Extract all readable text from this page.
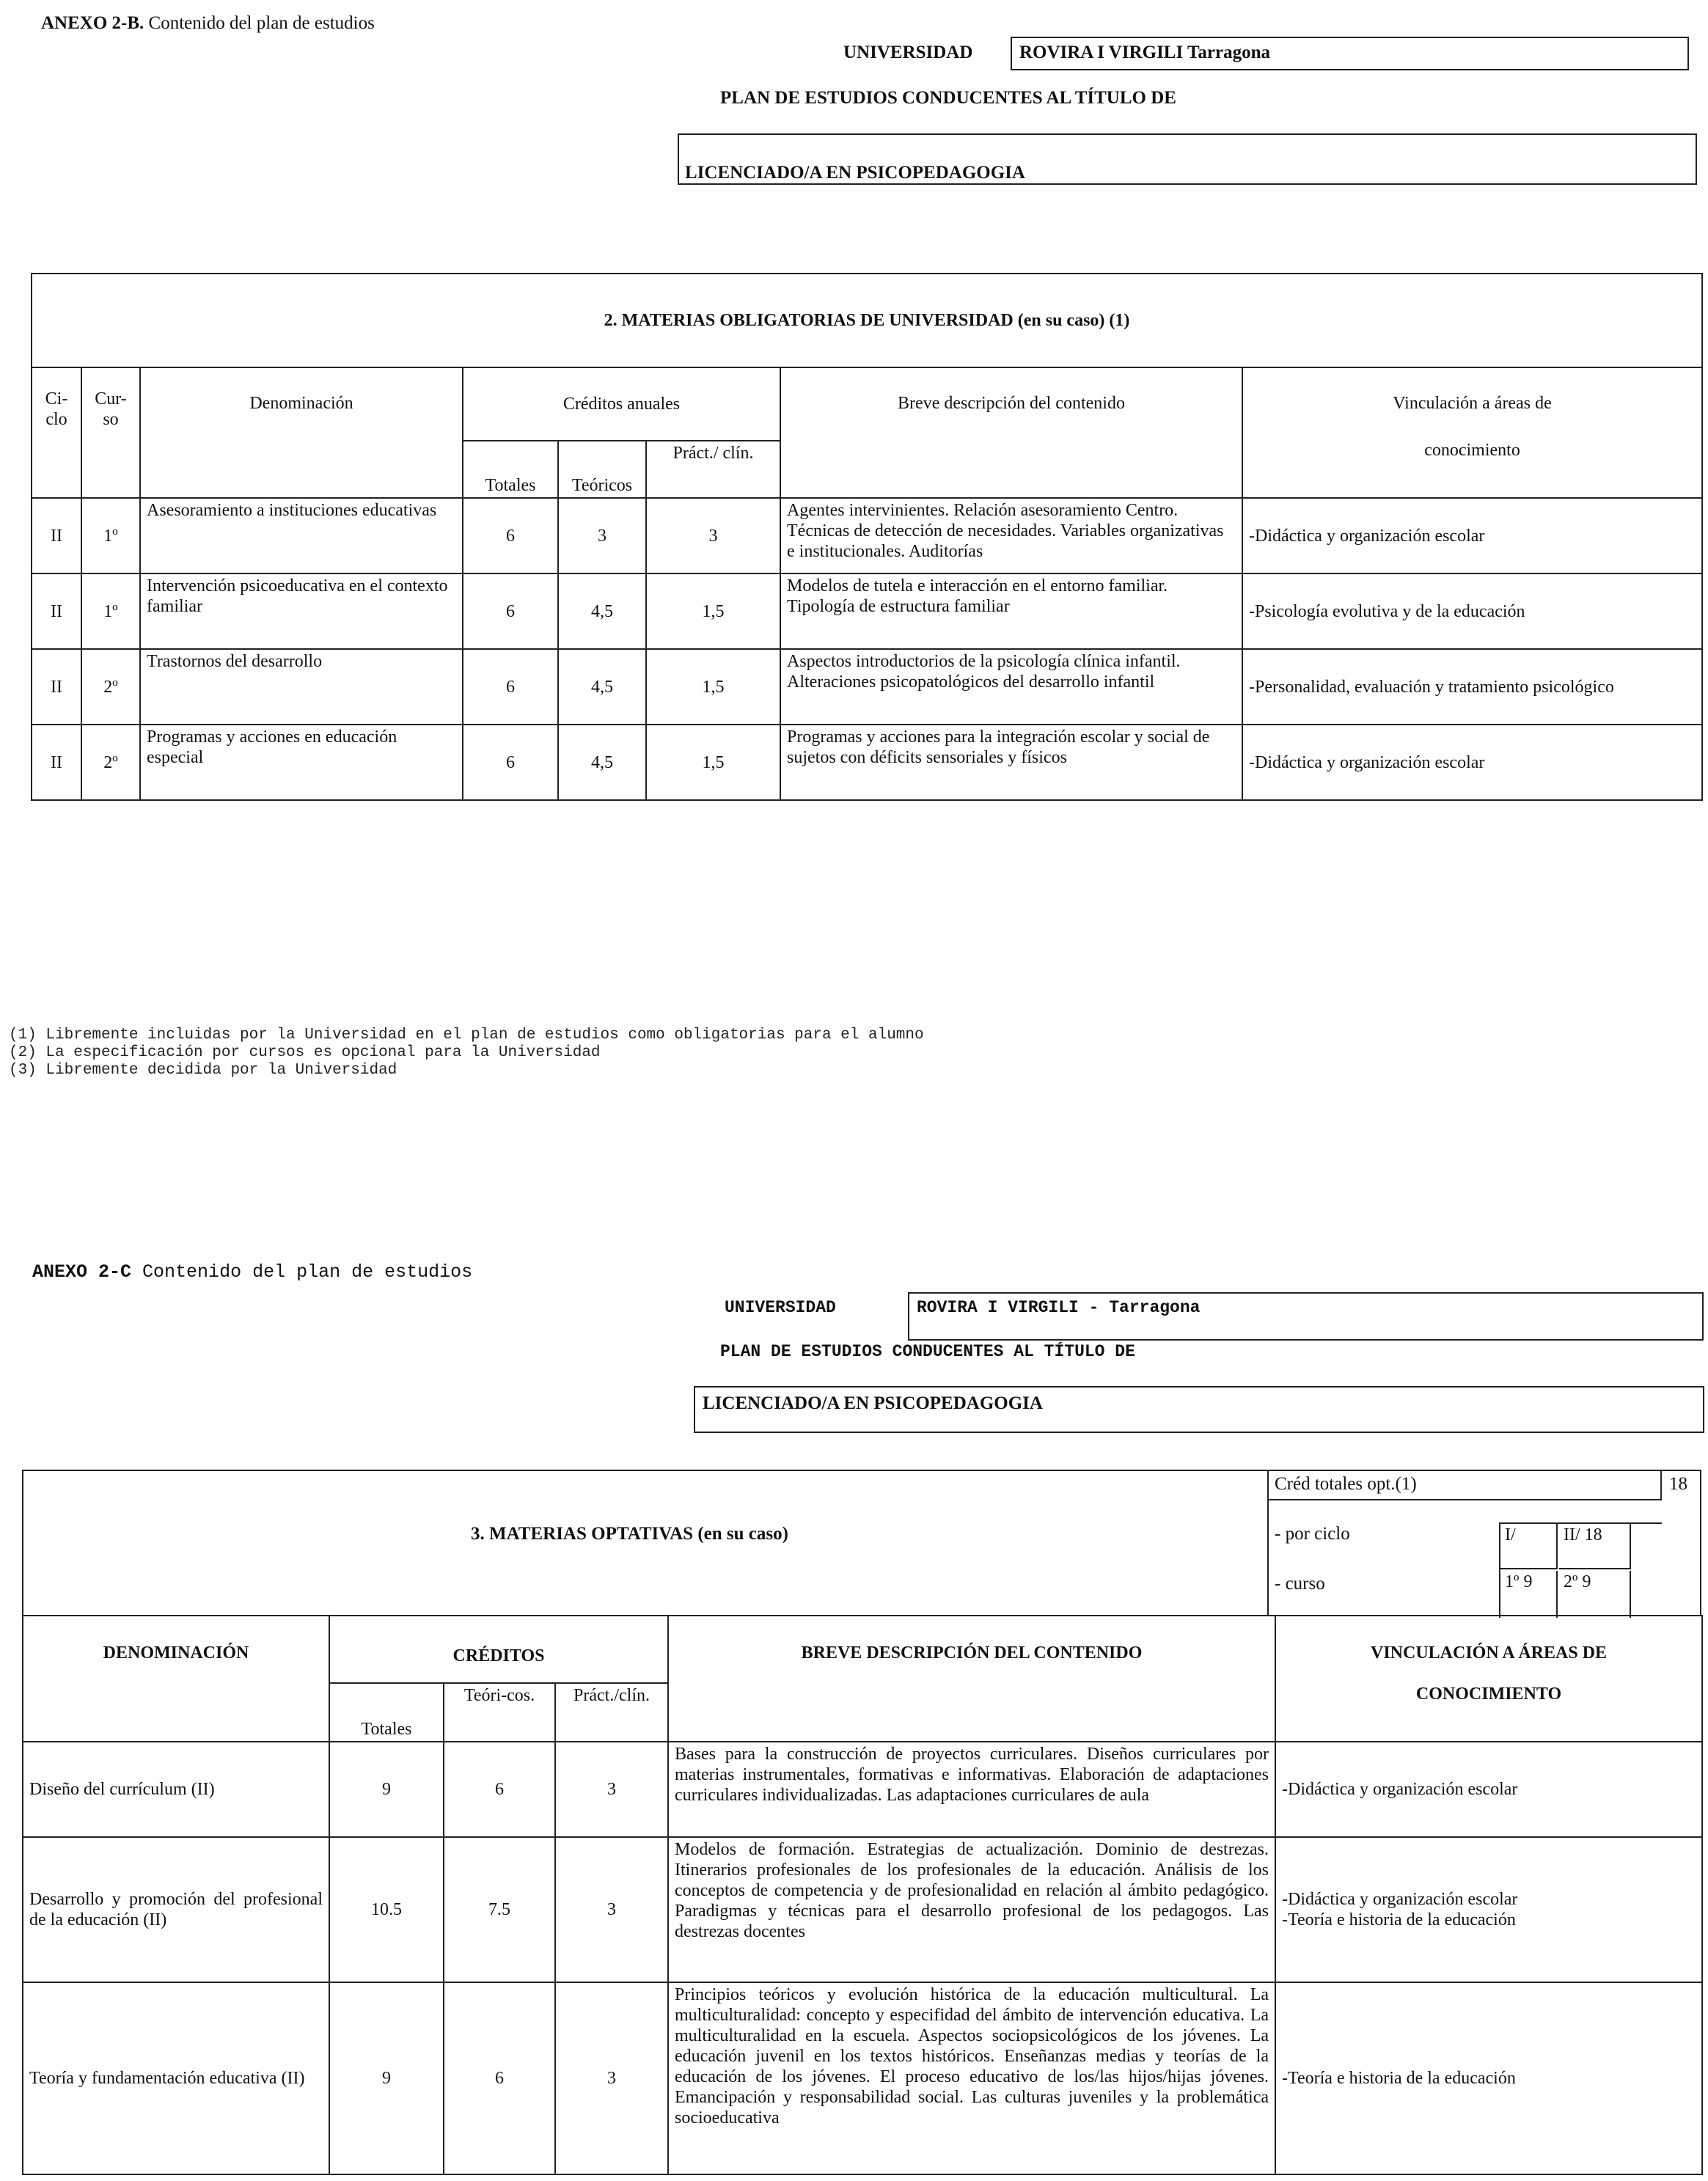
ANEXO 2-B. Contenido del plan de estudios
UNIVERSIDAD	ROVIRA I VIRGILI Tarragona
PLAN DE ESTUDIOS CONDUCENTES AL TÍTULO DE
LICENCIADO/A EN PSICOPEDAGOGIA
2. MATERIAS OBLIGATORIAS DE UNIVERSIDAD (en su caso) (1)							
Ci-clo	Cur-so	Denominación	Créditos anuales			Breve descripción del contenido	Vinculación a áreas de
conocimiento

			Totales	Teóricos	Práct./ clín.		
II	1º	Asesoramiento a instituciones educativas	6	3	3	Agentes intervinientes. Relación asesoramiento Centro. Técnicas de detección de necesidades. Variables organizativas e institucionales. Auditorías	-Didáctica y organización escolar
II	1º	Intervención psicoeducativa en el contexto familiar	6	4,5	1,5	Modelos de tutela e interacción en el entorno familiar. Tipología de estructura familiar	-Psicología evolutiva y de la educación
II	2º	Trastornos del desarrollo	6	4,5	1,5	Aspectos introductorios de la psicología clínica infantil. Alteraciones psicopatológicos del desarrollo infantil	-Personalidad, evaluación y tratamiento psicológico
II	2º	Programas y acciones en educación especial	6	4,5	1,5	Programas y acciones para la integración escolar y social de sujetos con déficits sensoriales y físicos	-Didáctica y organización escolar
(1) Libremente incluidas por la Universidad en el plan de estudios como obligatorias para el alumno
(2) La especificación por cursos es opcional para la Universidad
(3) Libremente decidida por la Universidad
ANEXO 2-C Contenido del plan de estudios
UNIVERSIDAD	ROVIRA I VIRGILI - Tarragona
PLAN DE ESTUDIOS CONDUCENTES AL TÍTULO DE
LICENCIADO/A EN PSICOPEDAGOGIA
3. MATERIAS OPTATIVAS (en su caso)
Créd totales opt.(1)	18
- por ciclo
- curso
I/	II/ 18
1º 9	2º 9
DENOMINACIÓN	CRÉDITOS			BREVE DESCRIPCIÓN DEL CONTENIDO	VINCULACIÓN A ÁREAS DE
CONOCIMIENTO

	Totales	Teóri-cos.	Práct./clín.		
Diseño del currículum (II)	9	6	3	Bases para la construcción de proyectos curriculares. Diseños curriculares por materias instrumentales, formativas e informativas. Elaboración de adaptaciones curriculares individualizadas. Las adaptaciones curriculares de aula	-Didáctica y organización escolar
Desarrollo y promoción del profesional de la educación (II)	10.5	7.5	3	Modelos de formación. Estrategias de actualización. Dominio de destrezas. Itinerarios profesionales de los profesionales de la educación. Análisis de los conceptos de competencia y de profesionalidad en relación al ámbito pedagógico. Paradigmas y técnicas para el desarrollo profesional de los pedagogos. Las destrezas docentes	-Didáctica y organización escolar
-Teoría e historia de la educación
Teoría y fundamentación educativa (II)	9	6	3	Principios teóricos y evolución histórica de la educación multicultural. La multiculturalidad: concepto y especifidad del ámbito de intervención educativa. La multiculturalidad en la escuela. Aspectos sociopsicológicos de los jóvenes. La educación juvenil en los textos históricos. Enseñanzas medias y teorías de la educación de los jóvenes. El proceso educativo de los/las hijos/hijas jóvenes. Emancipación y responsabilidad social. Las culturas juveniles y la problemática socioeducativa	-Teoría e historia de la educación
